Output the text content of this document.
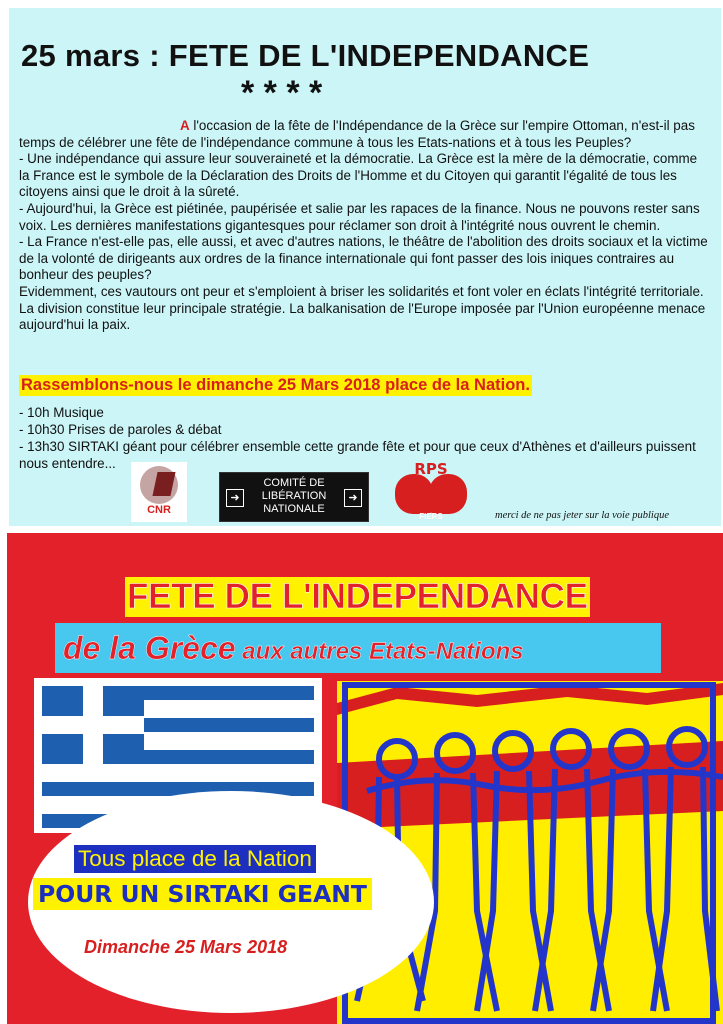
25 mars : FETE DE L'INDEPENDANCE
* * * *

A l'occasion de la fête de l'Indépendance de la Grèce sur l'empire Ottoman, n'est-il pas temps de célébrer une fête de l'indépendance commune à tous les Etats-nations et à tous les Peuples?

- Une indépendance qui assure leur souveraineté et la démocratie. La Grèce est la mère de la démocratie, comme la France est le symbole de la Déclaration des Droits de l'Homme et du Citoyen qui garantit l'égalité de tous les citoyens ainsi que le droit à la sûreté.

- Aujourd'hui, la Grèce est piétinée, paupérisée et salie par les rapaces de la finance. Nous ne pouvons rester sans voix. Les dernières manifestations gigantesques pour réclamer son droit à l'intégrité nous ouvrent le chemin.

- La France n'est-elle pas, elle aussi, et avec d'autres nations, le théâtre de l'abolition des droits sociaux et la victime de la volonté de dirigeants aux ordres de la finance internationale qui font passer des lois iniques contraires au bonheur des peuples?

Evidemment, ces vautours ont peur et s'emploient à briser les solidarités et font voler en éclats l'intégrité territoriale. La division constitue leur principale stratégie. La balkanisation de l'Europe imposée par l'Union européenne menace aujourd'hui la paix.

Rassemblons-nous le dimanche 25 Mars 2018 place de la Nation.

- 10h Musique

- 10h30 Prises de paroles & débat

- 13h30 SIRTAKI géant pour célébrer ensemble cette grande fête et pour que ceux d'Athènes et d'ailleurs puissent nous entendre...

CNR
➜
COMITÉ DE
LIBÉRATION
NATIONALE
➜
RPS
FIERS	merci de ne pas jeter sur la voie publique
FETE DE L'INDEPENDANCE
de la Grèce aux autres Etats-Nations
Tous place de la Nation
POUR UN SIRTAKI GEANT
Dimanche 25 Mars 2018
